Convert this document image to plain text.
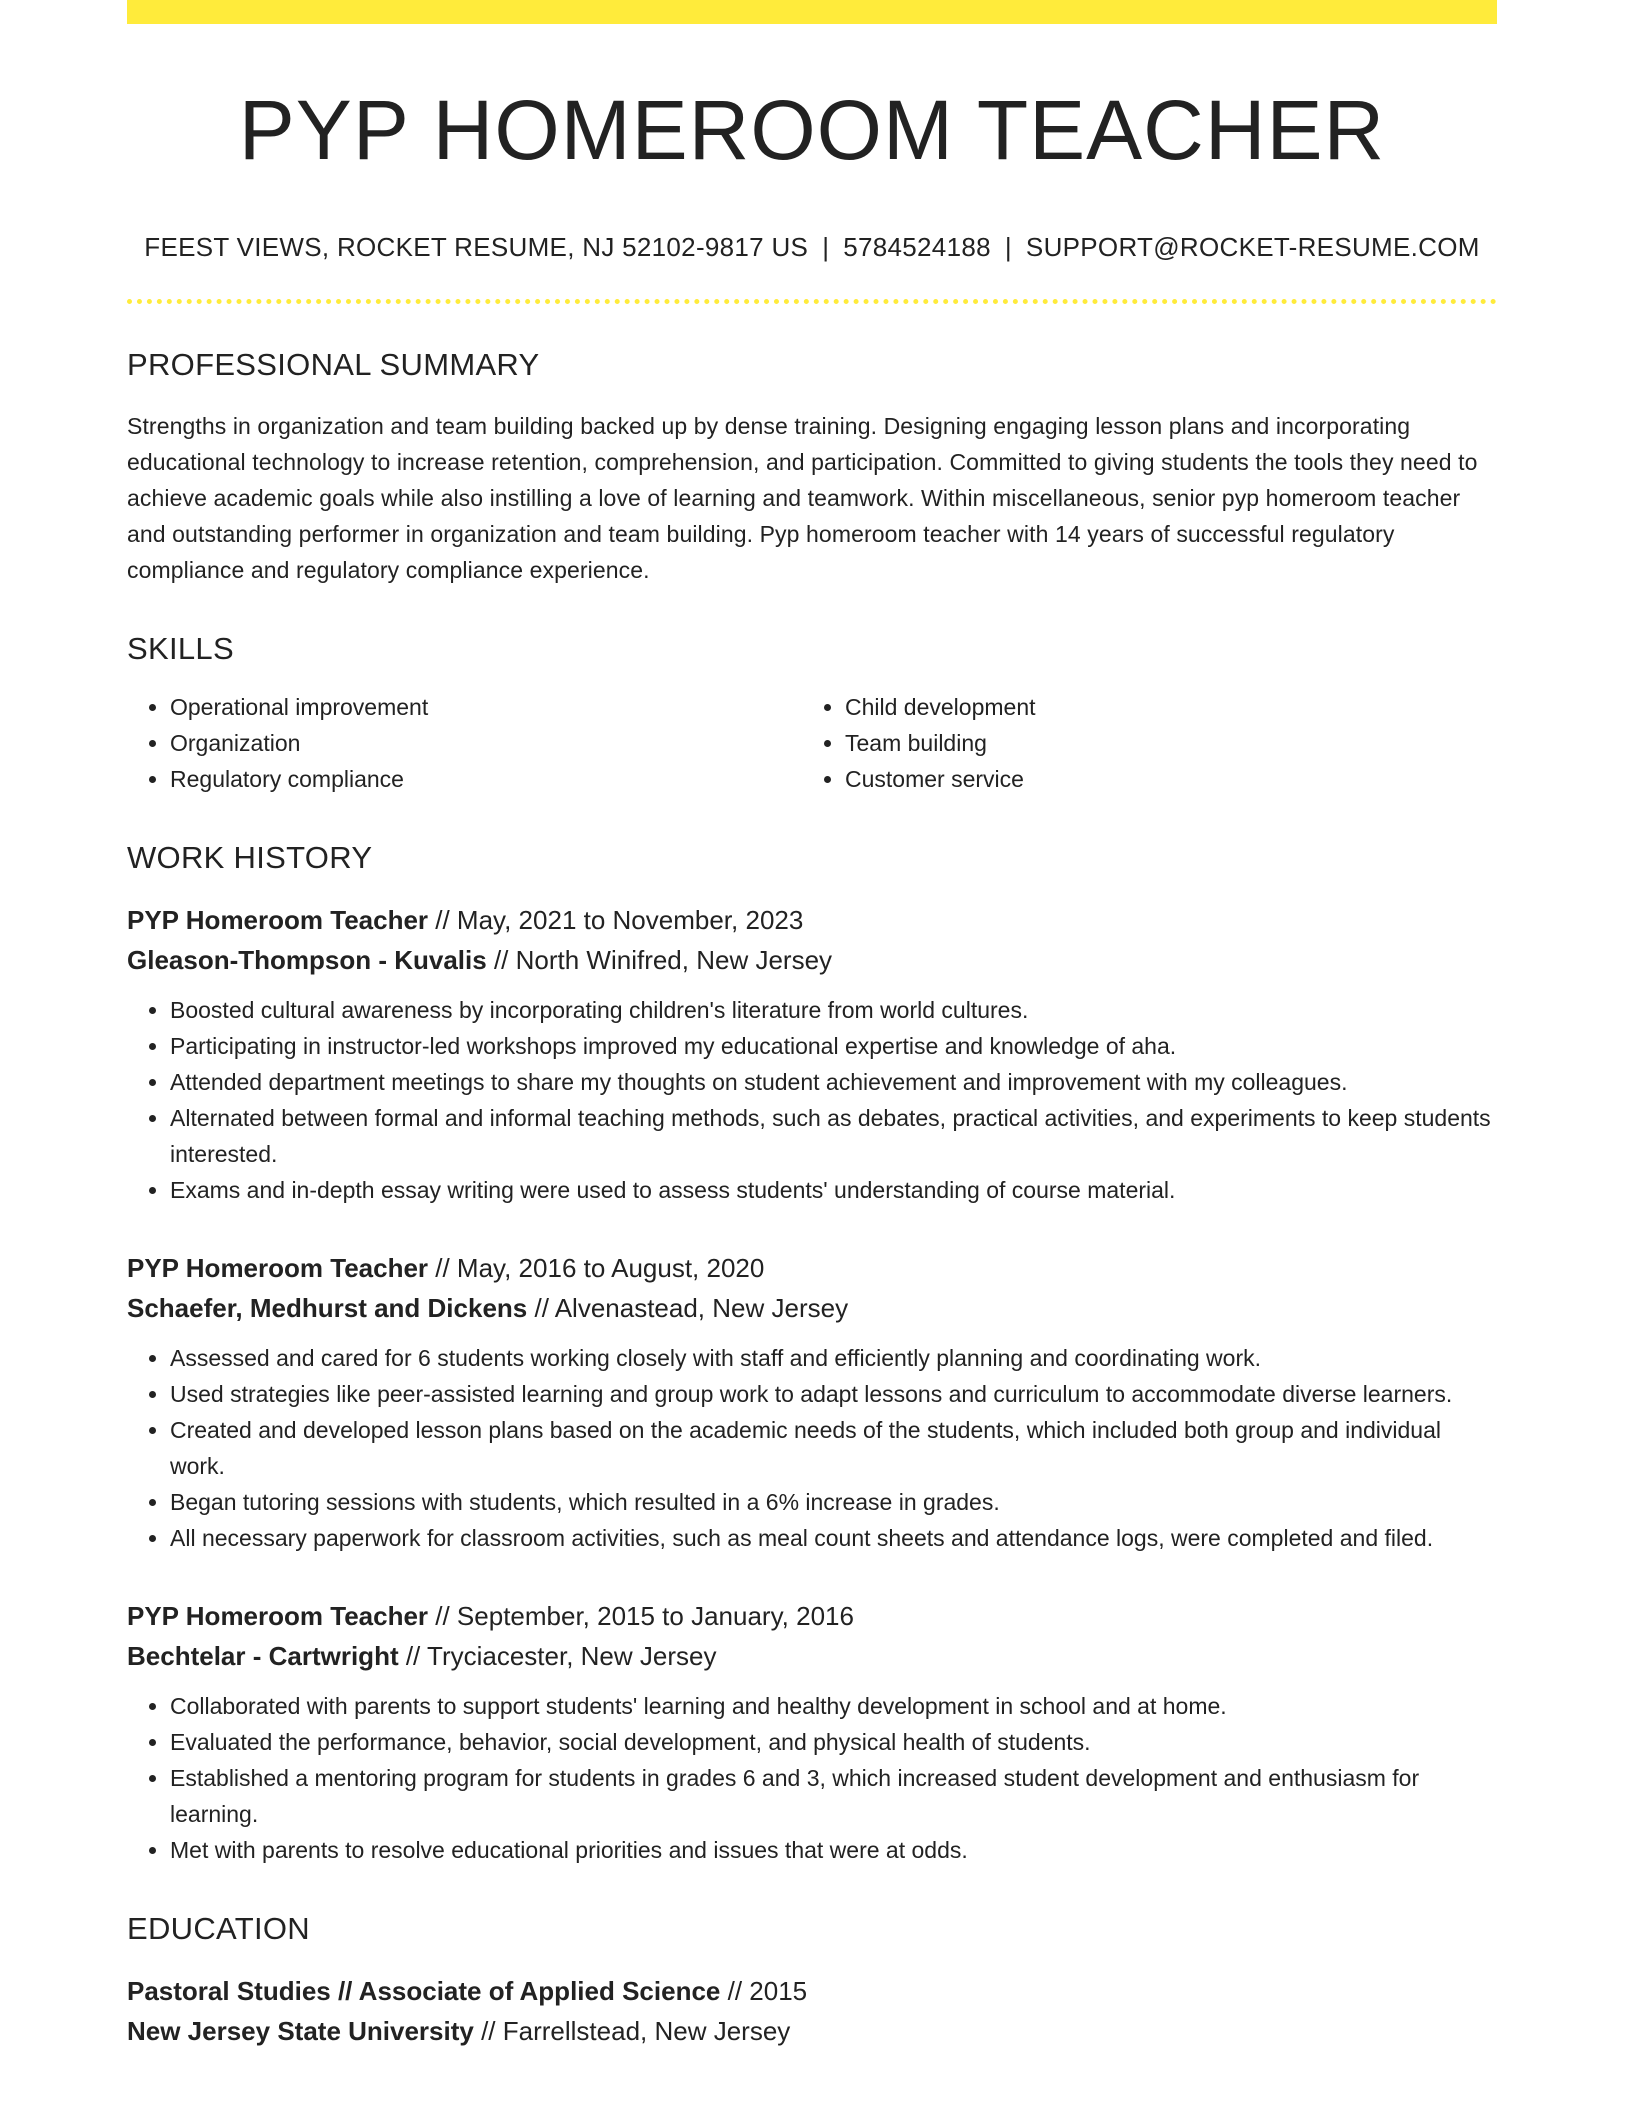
PYP HOMEROOM TEACHER
FEEST VIEWS, ROCKET RESUME, NJ 52102-9817 US | 5784524188 | SUPPORT@ROCKET-RESUME.COM
PROFESSIONAL SUMMARY

Strengths in organization and team building backed up by dense training. Designing engaging lesson plans and incorporating educational technology to increase retention, comprehension, and participation. Committed to giving students the tools they need to achieve academic goals while also instilling a love of learning and teamwork. Within miscellaneous, senior pyp homeroom teacher and outstanding performer in organization and team building. Pyp homeroom teacher with 14 years of successful regulatory compliance and regulatory compliance experience.

SKILLS
• Operational improvement
• Organization
• Regulatory compliance
• Child development
• Team building
• Customer service
WORK HISTORY
PYP Homeroom Teacher // May, 2021 to November, 2023
Gleason-Thompson - Kuvalis // North Winifred, New Jersey
• Boosted cultural awareness by incorporating children's literature from world cultures.
• Participating in instructor-led workshops improved my educational expertise and knowledge of aha.
• Attended department meetings to share my thoughts on student achievement and improvement with my colleagues.
• Alternated between formal and informal teaching methods, such as debates, practical activities, and experiments to keep students interested.
• Exams and in-depth essay writing were used to assess students' understanding of course material.
PYP Homeroom Teacher // May, 2016 to August, 2020
Schaefer, Medhurst and Dickens // Alvenastead, New Jersey
• Assessed and cared for 6 students working closely with staff and efficiently planning and coordinating work.
• Used strategies like peer-assisted learning and group work to adapt lessons and curriculum to accommodate diverse learners.
• Created and developed lesson plans based on the academic needs of the students, which included both group and individual work.
• Began tutoring sessions with students, which resulted in a 6% increase in grades.
• All necessary paperwork for classroom activities, such as meal count sheets and attendance logs, were completed and filed.
PYP Homeroom Teacher // September, 2015 to January, 2016
Bechtelar - Cartwright // Tryciacester, New Jersey
• Collaborated with parents to support students' learning and healthy development in school and at home.
• Evaluated the performance, behavior, social development, and physical health of students.
• Established a mentoring program for students in grades 6 and 3, which increased student development and enthusiasm for learning.
• Met with parents to resolve educational priorities and issues that were at odds.
EDUCATION
Pastoral Studies // Associate of Applied Science // 2015
New Jersey State University // Farrellstead, New Jersey
